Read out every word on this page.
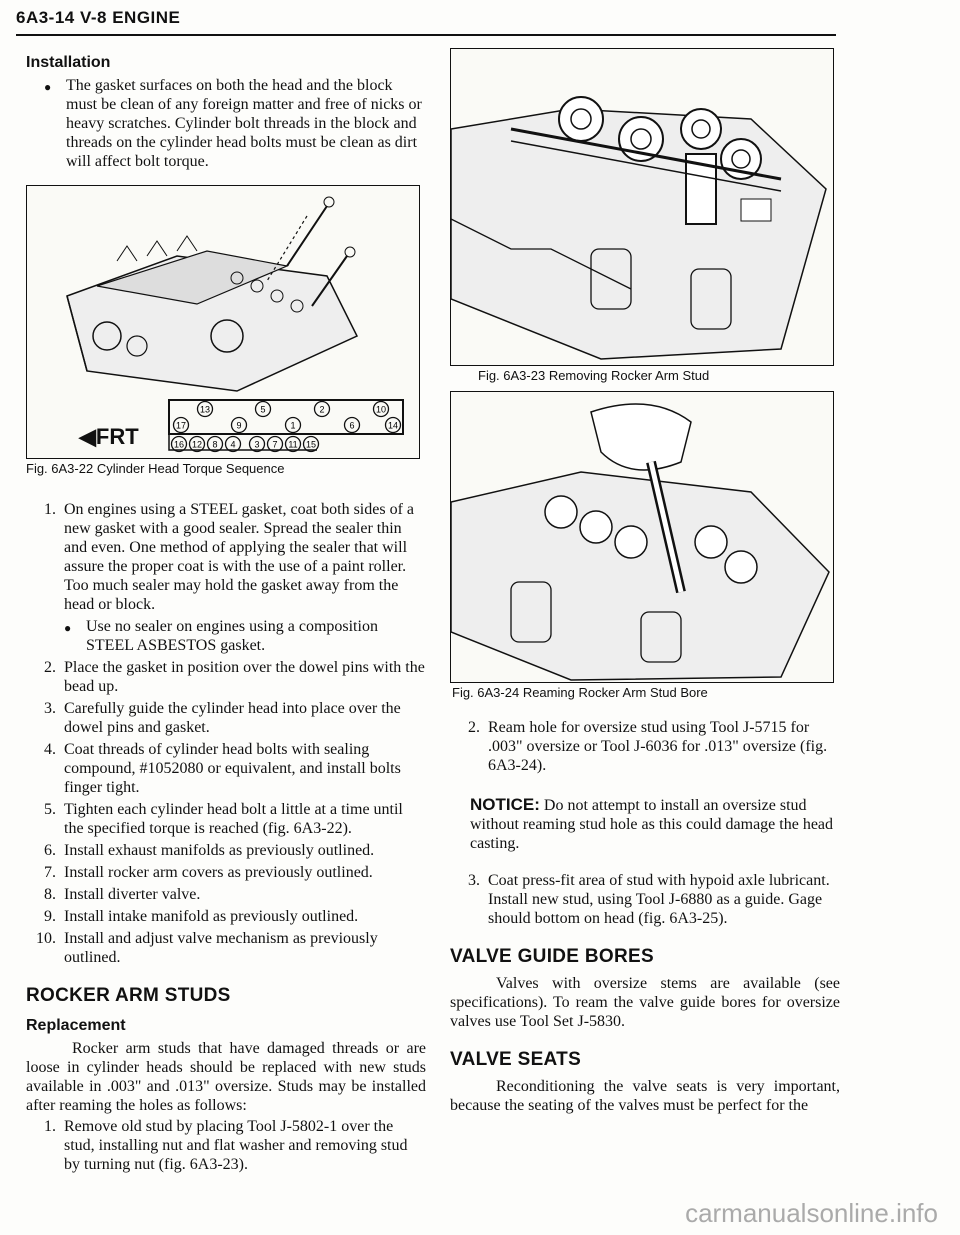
6A3-14 V-8 ENGINE
Installation
● The gasket surfaces on both the head and the block must be clean of any foreign matter and free of nicks or heavy scratches. Cylinder bolt threads in the block and threads on the cylinder head bolts must be clean as dirt will affect bolt torque.
◀FRT
13	5	2	10
17	9	1	6	14
16 12 8 4 3 7 11 15
Fig. 6A3-22 Cylinder Head Torque Sequence
1. On engines using a STEEL gasket, coat both sides of a new gasket with a good sealer. Spread the sealer thin and even. One method of applying the sealer that will assure the proper coat is with the use of a paint roller. Too much sealer may hold the gasket away from the head or block.
● Use no sealer on engines using a composition STEEL ASBESTOS gasket.
2. Place the gasket in position over the dowel pins with the bead up.
3. Carefully guide the cylinder head into place over the dowel pins and gasket.
4. Coat threads of cylinder head bolts with sealing compound, #1052080 or equivalent, and install bolts finger tight.
5. Tighten each cylinder head bolt a little at a time until the specified torque is reached (fig. 6A3-22).
6. Install exhaust manifolds as previously outlined.
7. Install rocker arm covers as previously outlined.
8. Install diverter valve.
9. Install intake manifold as previously outlined.
10. Install and adjust valve mechanism as previously outlined.
ROCKER ARM STUDS
Replacement

Rocker arm studs that have damaged threads or are loose in cylinder heads should be replaced with new studs available in .003" and .013" oversize. Studs may be installed after reaming the holes as follows:

1. Remove old stud by placing Tool J-5802-1 over the stud, installing nut and flat washer and removing stud by turning nut (fig. 6A3-23).
Fig. 6A3-23 Removing Rocker Arm Stud
Fig. 6A3-24 Reaming Rocker Arm Stud Bore
2. Ream hole for oversize stud using Tool J-5715 for .003" oversize or Tool J-6036 for .013" oversize (fig. 6A3-24).
NOTICE: Do not attempt to install an oversize stud without reaming stud hole as this could damage the head casting.
3. Coat press-fit area of stud with hypoid axle lubricant. Install new stud, using Tool J-6880 as a guide. Gage should bottom on head (fig. 6A3-25).
VALVE GUIDE BORES

Valves with oversize stems are available (see specifications). To ream the valve guide bores for oversize valves use Tool Set J-5830.

VALVE SEATS

Reconditioning the valve seats is very important, because the seating of the valves must be perfect for the

carmanualsonline.info
